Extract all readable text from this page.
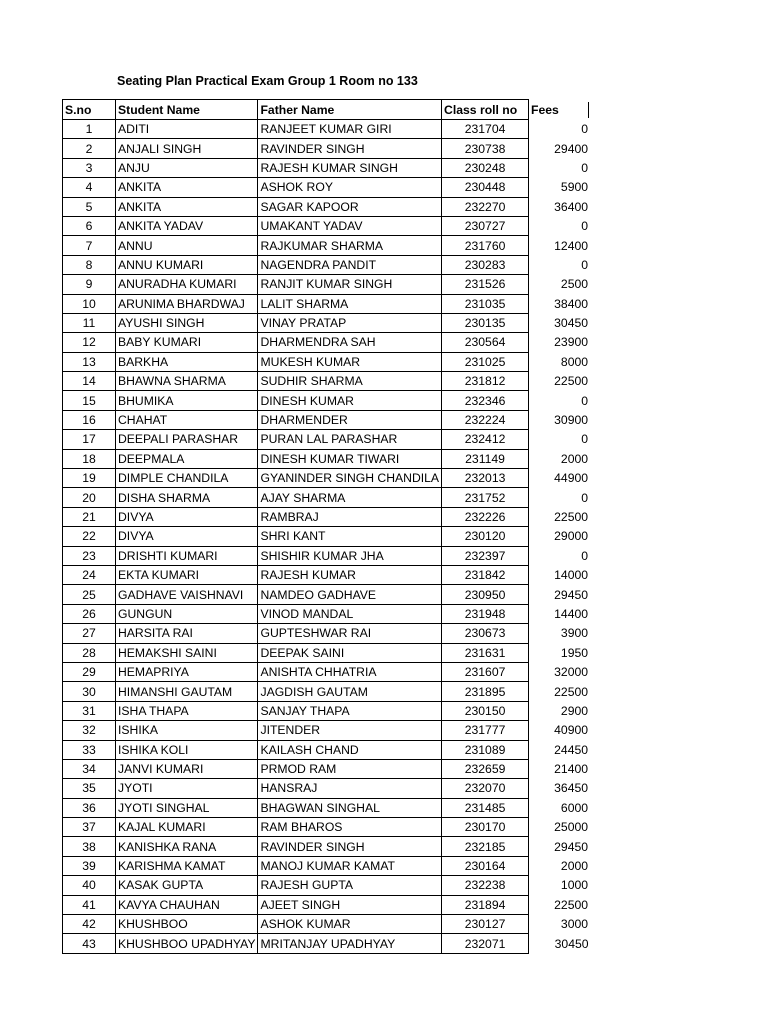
Seating Plan Practical Exam Group 1 Room no 133
S.no	Student Name	Father Name	Class roll no	Fees

1	ADITI	RANJEET KUMAR GIRI	231704	0
2	ANJALI SINGH	RAVINDER SINGH	230738	29400
3	ANJU	RAJESH KUMAR SINGH	230248	0
4	ANKITA	ASHOK ROY	230448	5900
5	ANKITA	SAGAR KAPOOR	232270	36400
6	ANKITA YADAV	UMAKANT YADAV	230727	0
7	ANNU	RAJKUMAR SHARMA	231760	12400
8	ANNU KUMARI	NAGENDRA PANDIT	230283	0
9	ANURADHA KUMARI	RANJIT KUMAR SINGH	231526	2500
10	ARUNIMA BHARDWAJ	LALIT SHARMA	231035	38400
11	AYUSHI SINGH	VINAY PRATAP	230135	30450
12	BABY KUMARI	DHARMENDRA SAH	230564	23900
13	BARKHA	MUKESH KUMAR	231025	8000
14	BHAWNA SHARMA	SUDHIR SHARMA	231812	22500
15	BHUMIKA	DINESH KUMAR	232346	0
16	CHAHAT	DHARMENDER	232224	30900
17	DEEPALI PARASHAR	PURAN LAL PARASHAR	232412	0
18	DEEPMALA	DINESH KUMAR TIWARI	231149	2000
19	DIMPLE CHANDILA	GYANINDER SINGH CHANDILA	232013	44900
20	DISHA SHARMA	AJAY SHARMA	231752	0
21	DIVYA	RAMBRAJ	232226	22500
22	DIVYA	SHRI KANT	230120	29000
23	DRISHTI KUMARI	SHISHIR KUMAR JHA	232397	0
24	EKTA KUMARI	RAJESH KUMAR	231842	14000
25	GADHAVE VAISHNAVI	NAMDEO GADHAVE	230950	29450
26	GUNGUN	VINOD MANDAL	231948	14400
27	HARSITA RAI	GUPTESHWAR RAI	230673	3900
28	HEMAKSHI SAINI	DEEPAK SAINI	231631	1950
29	HEMAPRIYA	ANISHTA CHHATRIA	231607	32000
30	HIMANSHI GAUTAM	JAGDISH GAUTAM	231895	22500
31	ISHA THAPA	SANJAY THAPA	230150	2900
32	ISHIKA	JITENDER	231777	40900
33	ISHIKA KOLI	KAILASH CHAND	231089	24450
34	JANVI KUMARI	PRMOD RAM	232659	21400
35	JYOTI	HANSRAJ	232070	36450
36	JYOTI SINGHAL	BHAGWAN SINGHAL	231485	6000
37	KAJAL KUMARI	RAM BHAROS	230170	25000
38	KANISHKA RANA	RAVINDER SINGH	232185	29450
39	KARISHMA KAMAT	MANOJ KUMAR KAMAT	230164	2000
40	KASAK GUPTA	RAJESH GUPTA	232238	1000
41	KAVYA CHAUHAN	AJEET SINGH	231894	22500
42	KHUSHBOO	ASHOK KUMAR	230127	3000
43	KHUSHBOO UPADHYAY	MRITANJAY UPADHYAY	232071	30450
